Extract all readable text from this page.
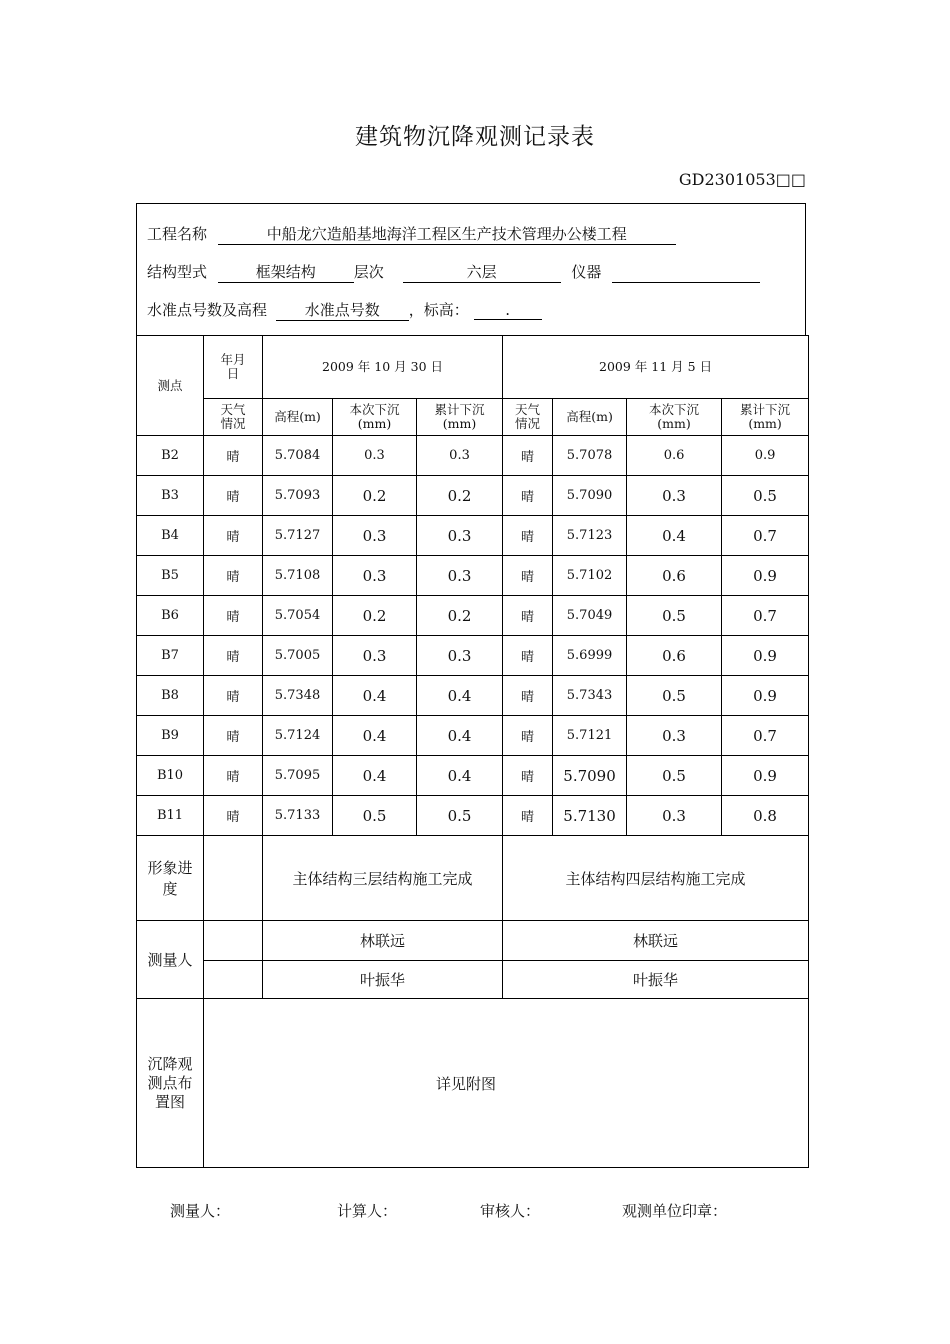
建筑物沉降观测记录表
GD2301053□□
工程名称	中船龙穴造船基地海洋工程区生产技术管理办公楼工程
结构型式	框架结构	层次	六层	仪器
水准点号数及高程	水准点号数 ，标高： .
测点	年月日	2009 年 10 月 30 日			2009 年 11 月 5 日			
	天气情况	高程(m)	本次下沉(mm)	累计下沉(mm)	天气情况	高程(m)	本次下沉(mm)	累计下沉(mm)
B2	晴	5.7084	0.3	0.3	晴	5.7078	0.6	0.9
B3	晴	5.7093	0.2	0.2	晴	5.7090	0.3	0.5
B4	晴	5.7127	0.3	0.3	晴	5.7123	0.4	0.7
B5	晴	5.7108	0.3	0.3	晴	5.7102	0.6	0.9
B6	晴	5.7054	0.2	0.2	晴	5.7049	0.5	0.7
B7	晴	5.7005	0.3	0.3	晴	5.6999	0.6	0.9
B8	晴	5.7348	0.4	0.4	晴	5.7343	0.5	0.9
B9	晴	5.7124	0.4	0.4	晴	5.7121	0.3	0.7
B10	晴	5.7095	0.4	0.4	晴	5.7090	0.5	0.9
B11	晴	5.7133	0.5	0.5	晴	5.7130	0.3	0.8
形象进度		主体结构三层结构施工完成			主体结构四层结构施工完成			
测量人		林联远			林联远			
		叶振华			叶振华			
沉降观测点布置图	详见附图							
测量人：	计算人：	审核人：	观测单位印章：
